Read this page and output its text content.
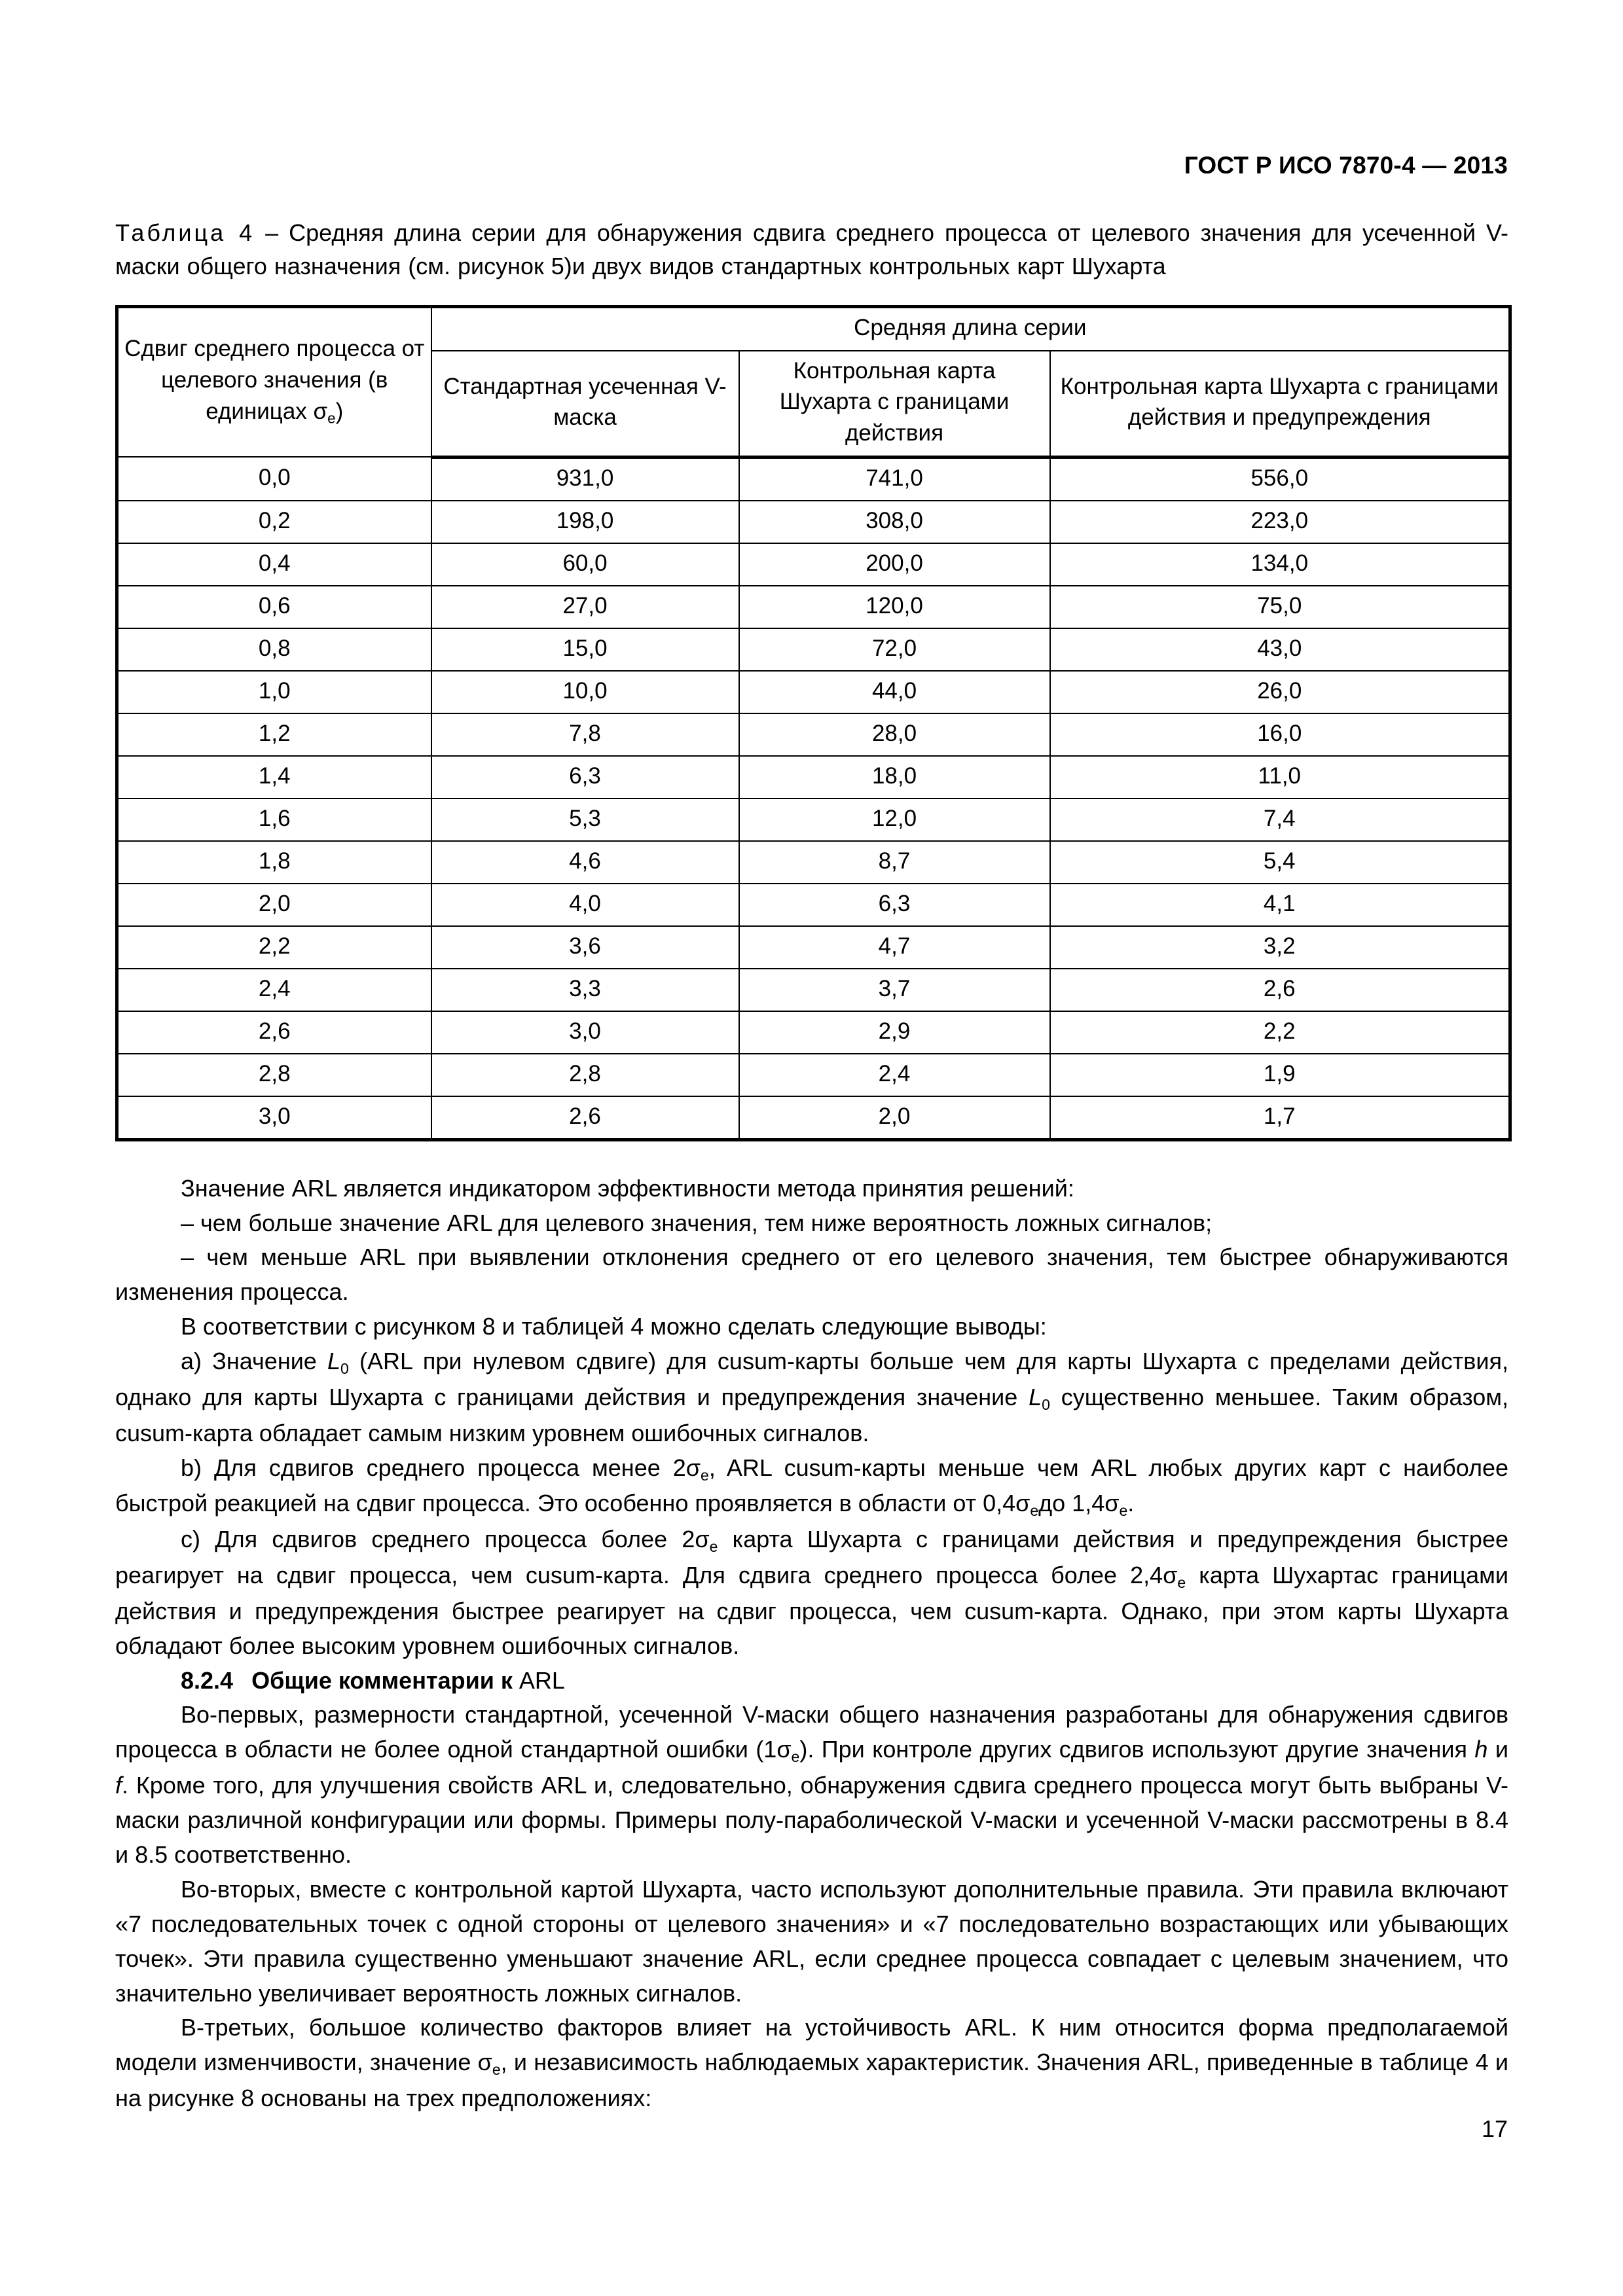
ГОСТ Р ИСО 7870-4 — 2013

Таблица 4 – Средняя длина серии для обнаружения сдвига среднего процесса от целевого значения для усеченной V-маски общего назначения (см. рисунок 5)и двух видов стандартных контрольных карт Шухарта

Сдвиг среднего процесса от целевого значения (в единицах $\sigma_e$)	Средняя длина серии		
	Стандартная усеченная V-маска	Контрольная карта Шухарта с границами действия	Контрольная карта Шухарта с границами действия и предупреждения
0,0	931,0	741,0	556,0
0,2	198,0	308,0	223,0
0,4	60,0	200,0	134,0
0,6	27,0	120,0	75,0
0,8	15,0	72,0	43,0
1,0	10,0	44,0	26,0
1,2	7,8	28,0	16,0
1,4	6,3	18,0	11,0
1,6	5,3	12,0	7,4
1,8	4,6	8,7	5,4
2,0	4,0	6,3	4,1
2,2	3,6	4,7	3,2
2,4	3,3	3,7	2,6
2,6	3,0	2,9	2,2
2,8	2,8	2,4	1,9
3,0	2,6	2,0	1,7

Значение ARL является индикатором эффективности метода принятия решений:

– чем больше значение ARL для целевого значения, тем ниже вероятность ложных сигналов;

– чем меньше ARL при выявлении отклонения среднего от его целевого значения, тем быстрее обнаруживаются изменения процесса.

В соответствии с рисунком 8 и таблицей 4 можно сделать следующие выводы:

a) Значение $L_0$ (ARL при нулевом сдвиге) для cusum-карты больше чем для карты Шухарта с пределами действия, однако для карты Шухарта с границами действия и предупреждения значение $L_0$ существенно меньшее. Таким образом, cusum-карта обладает самым низким уровнем ошибочных сигналов.

b) Для сдвигов среднего процесса менее $2\sigma_e$, ARL cusum-карты меньше чем ARL любых других карт с наиболее быстрой реакцией на сдвиг процесса. Это особенно проявляется в области от $0,4\sigma_eдо$ $1,4\sigma_e$.

c) Для сдвигов среднего процесса более $2\sigma_e$ карта Шухарта с границами действия и предупреждения быстрее реагирует на сдвиг процесса, чем cusum-карта. Для сдвига среднего процесса более $2,4\sigma_e$ карта Шухартас границами действия и предупреждения быстрее реагирует на сдвиг процесса, чем cusum-карта. Однако, при этом карты Шухарта обладают более высоким уровнем ошибочных сигналов.

8.2.4 Общие комментарии к ARL

Во-первых, размерности стандартной, усеченной V-маски общего назначения разработаны для обнаружения сдвигов процесса в области не более одной стандартной ошибки $(1\sigma_e)$. При контроле других сдвигов используют другие значения h и f. Кроме того, для улучшения свойств ARL и, следовательно, обнаружения сдвига среднего процесса могут быть выбраны V-маски различной конфигурации или формы. Примеры полу-параболической V-маски и усеченной V-маски рассмотрены в 8.4 и 8.5 соответственно.

Во-вторых, вместе с контрольной картой Шухарта, часто используют дополнительные правила. Эти правила включают «7 последовательных точек с одной стороны от целевого значения» и «7 последовательно возрастающих или убывающих точек». Эти правила существенно уменьшают значение ARL, если среднее процесса совпадает с целевым значением, что значительно увеличивает вероятность ложных сигналов.

В-третьих, большое количество факторов влияет на устойчивость ARL. К ним относится форма предполагаемой модели изменчивости, значение $\sigma_e$, и независимость наблюдаемых характеристик. Значения ARL, приведенные в таблице 4 и на рисунке 8 основаны на трех предположениях:

17
